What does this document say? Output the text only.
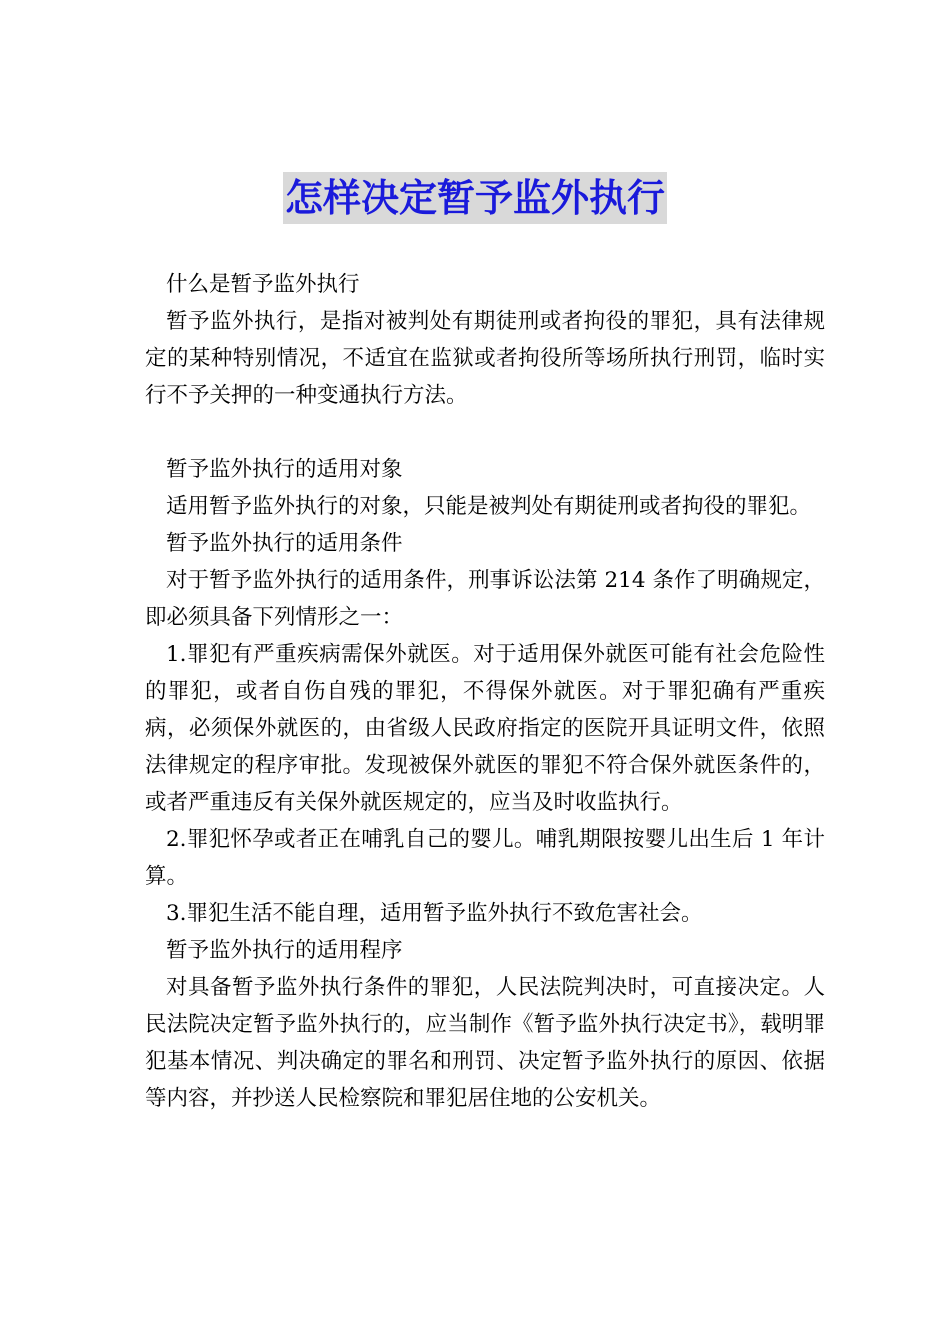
怎样决定暂予监外执行

什么是暂予监外执行

暂予监外执行，是指对被判处有期徒刑或者拘役的罪犯，具有法律规定的某种特别情况，不适宜在监狱或者拘役所等场所执行刑罚，临时实行不予关押的一种变通执行方法。

暂予监外执行的适用对象

适用暂予监外执行的对象，只能是被判处有期徒刑或者拘役的罪犯。

暂予监外执行的适用条件

对于暂予监外执行的适用条件，刑事诉讼法第 214 条作了明确规定，即必须具备下列情形之一：

1.罪犯有严重疾病需保外就医。对于适用保外就医可能有社会危险性的罪犯，或者自伤自残的罪犯，不得保外就医。对于罪犯确有严重疾病，必须保外就医的，由省级人民政府指定的医院开具证明文件，依照法律规定的程序审批。发现被保外就医的罪犯不符合保外就医条件的，或者严重违反有关保外就医规定的，应当及时收监执行。

2.罪犯怀孕或者正在哺乳自己的婴儿。哺乳期限按婴儿出生后 1 年计算。

3.罪犯生活不能自理，适用暂予监外执行不致危害社会。

暂予监外执行的适用程序

对具备暂予监外执行条件的罪犯，人民法院判决时，可直接决定。人民法院决定暂予监外执行的，应当制作《暂予监外执行决定书》，载明罪犯基本情况、判决确定的罪名和刑罚、决定暂予监外执行的原因、依据等内容，并抄送人民检察院和罪犯居住地的公安机关。
